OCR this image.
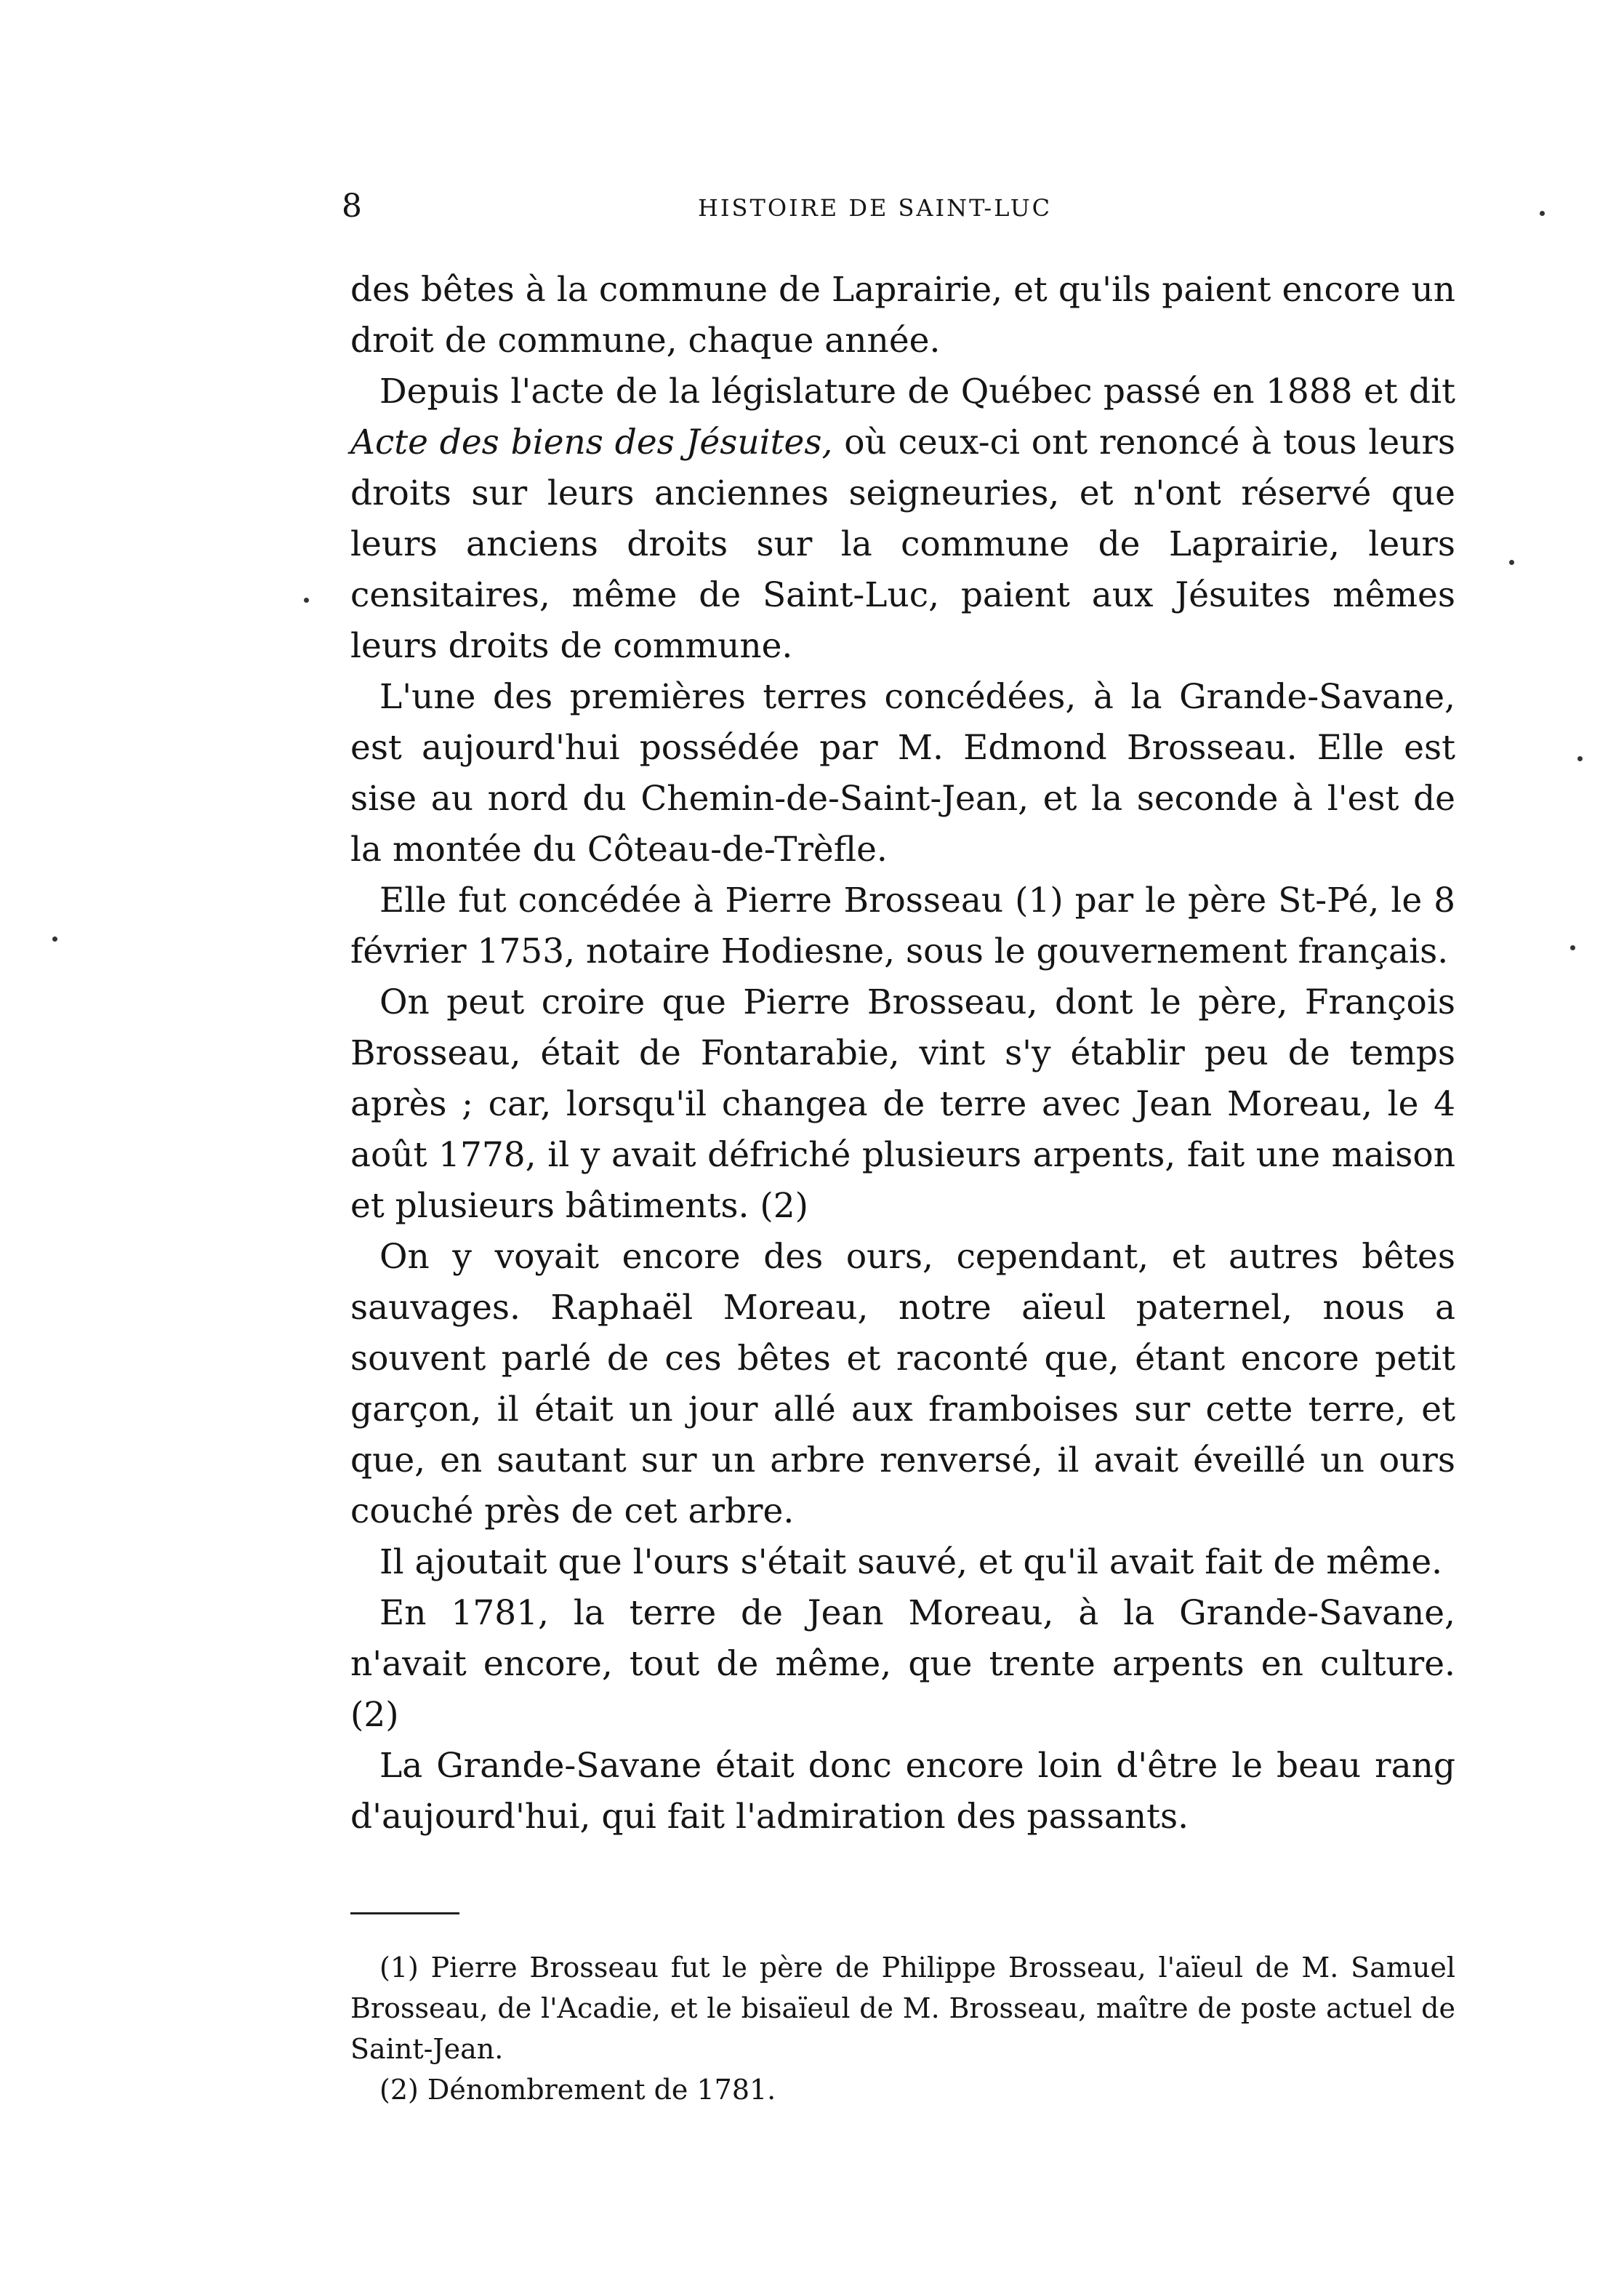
8	HISTOIRE DE SAINT-LUC

des bêtes à la commune de Laprairie, et qu'ils paient encore un droit de commune, chaque année.

Depuis l'acte de la législature de Québec passé en 1888 et dit Acte des biens des Jésuites, où ceux-ci ont renoncé à tous leurs droits sur leurs anciennes seigneuries, et n'ont réservé que leurs anciens droits sur la commune de Laprairie, leurs censitaires, même de Saint-Luc, paient aux Jésuites mêmes leurs droits de commune.

L'une des premières terres concédées, à la Grande-Savane, est aujourd'hui possédée par M. Edmond Brosseau. Elle est sise au nord du Chemin-de-Saint-Jean, et la seconde à l'est de la montée du Côteau-de-Trèfle.

Elle fut concédée à Pierre Brosseau (1) par le père St-Pé, le 8 février 1753, notaire Hodiesne, sous le gouvernement français.

On peut croire que Pierre Brosseau, dont le père, François Brosseau, était de Fontarabie, vint s'y établir peu de temps après ; car, lorsqu'il changea de terre avec Jean Moreau, le 4 août 1778, il y avait défriché plusieurs arpents, fait une maison et plusieurs bâtiments. (2)

On y voyait encore des ours, cependant, et autres bêtes sauvages. Raphaël Moreau, notre aïeul paternel, nous a souvent parlé de ces bêtes et raconté que, étant encore petit garçon, il était un jour allé aux framboises sur cette terre, et que, en sautant sur un arbre renversé, il avait éveillé un ours couché près de cet arbre.

Il ajoutait que l'ours s'était sauvé, et qu'il avait fait de même.

En 1781, la terre de Jean Moreau, à la Grande-Savane, n'avait encore, tout de même, que trente arpents en culture. (2)

La Grande-Savane était donc encore loin d'être le beau rang d'aujourd'hui, qui fait l'admiration des passants.

(1) Pierre Brosseau fut le père de Philippe Brosseau, l'aïeul de M. Samuel Brosseau, de l'Acadie, et le bisaïeul de M. Brosseau, maître de poste actuel de Saint-Jean.

(2) Dénombrement de 1781.
